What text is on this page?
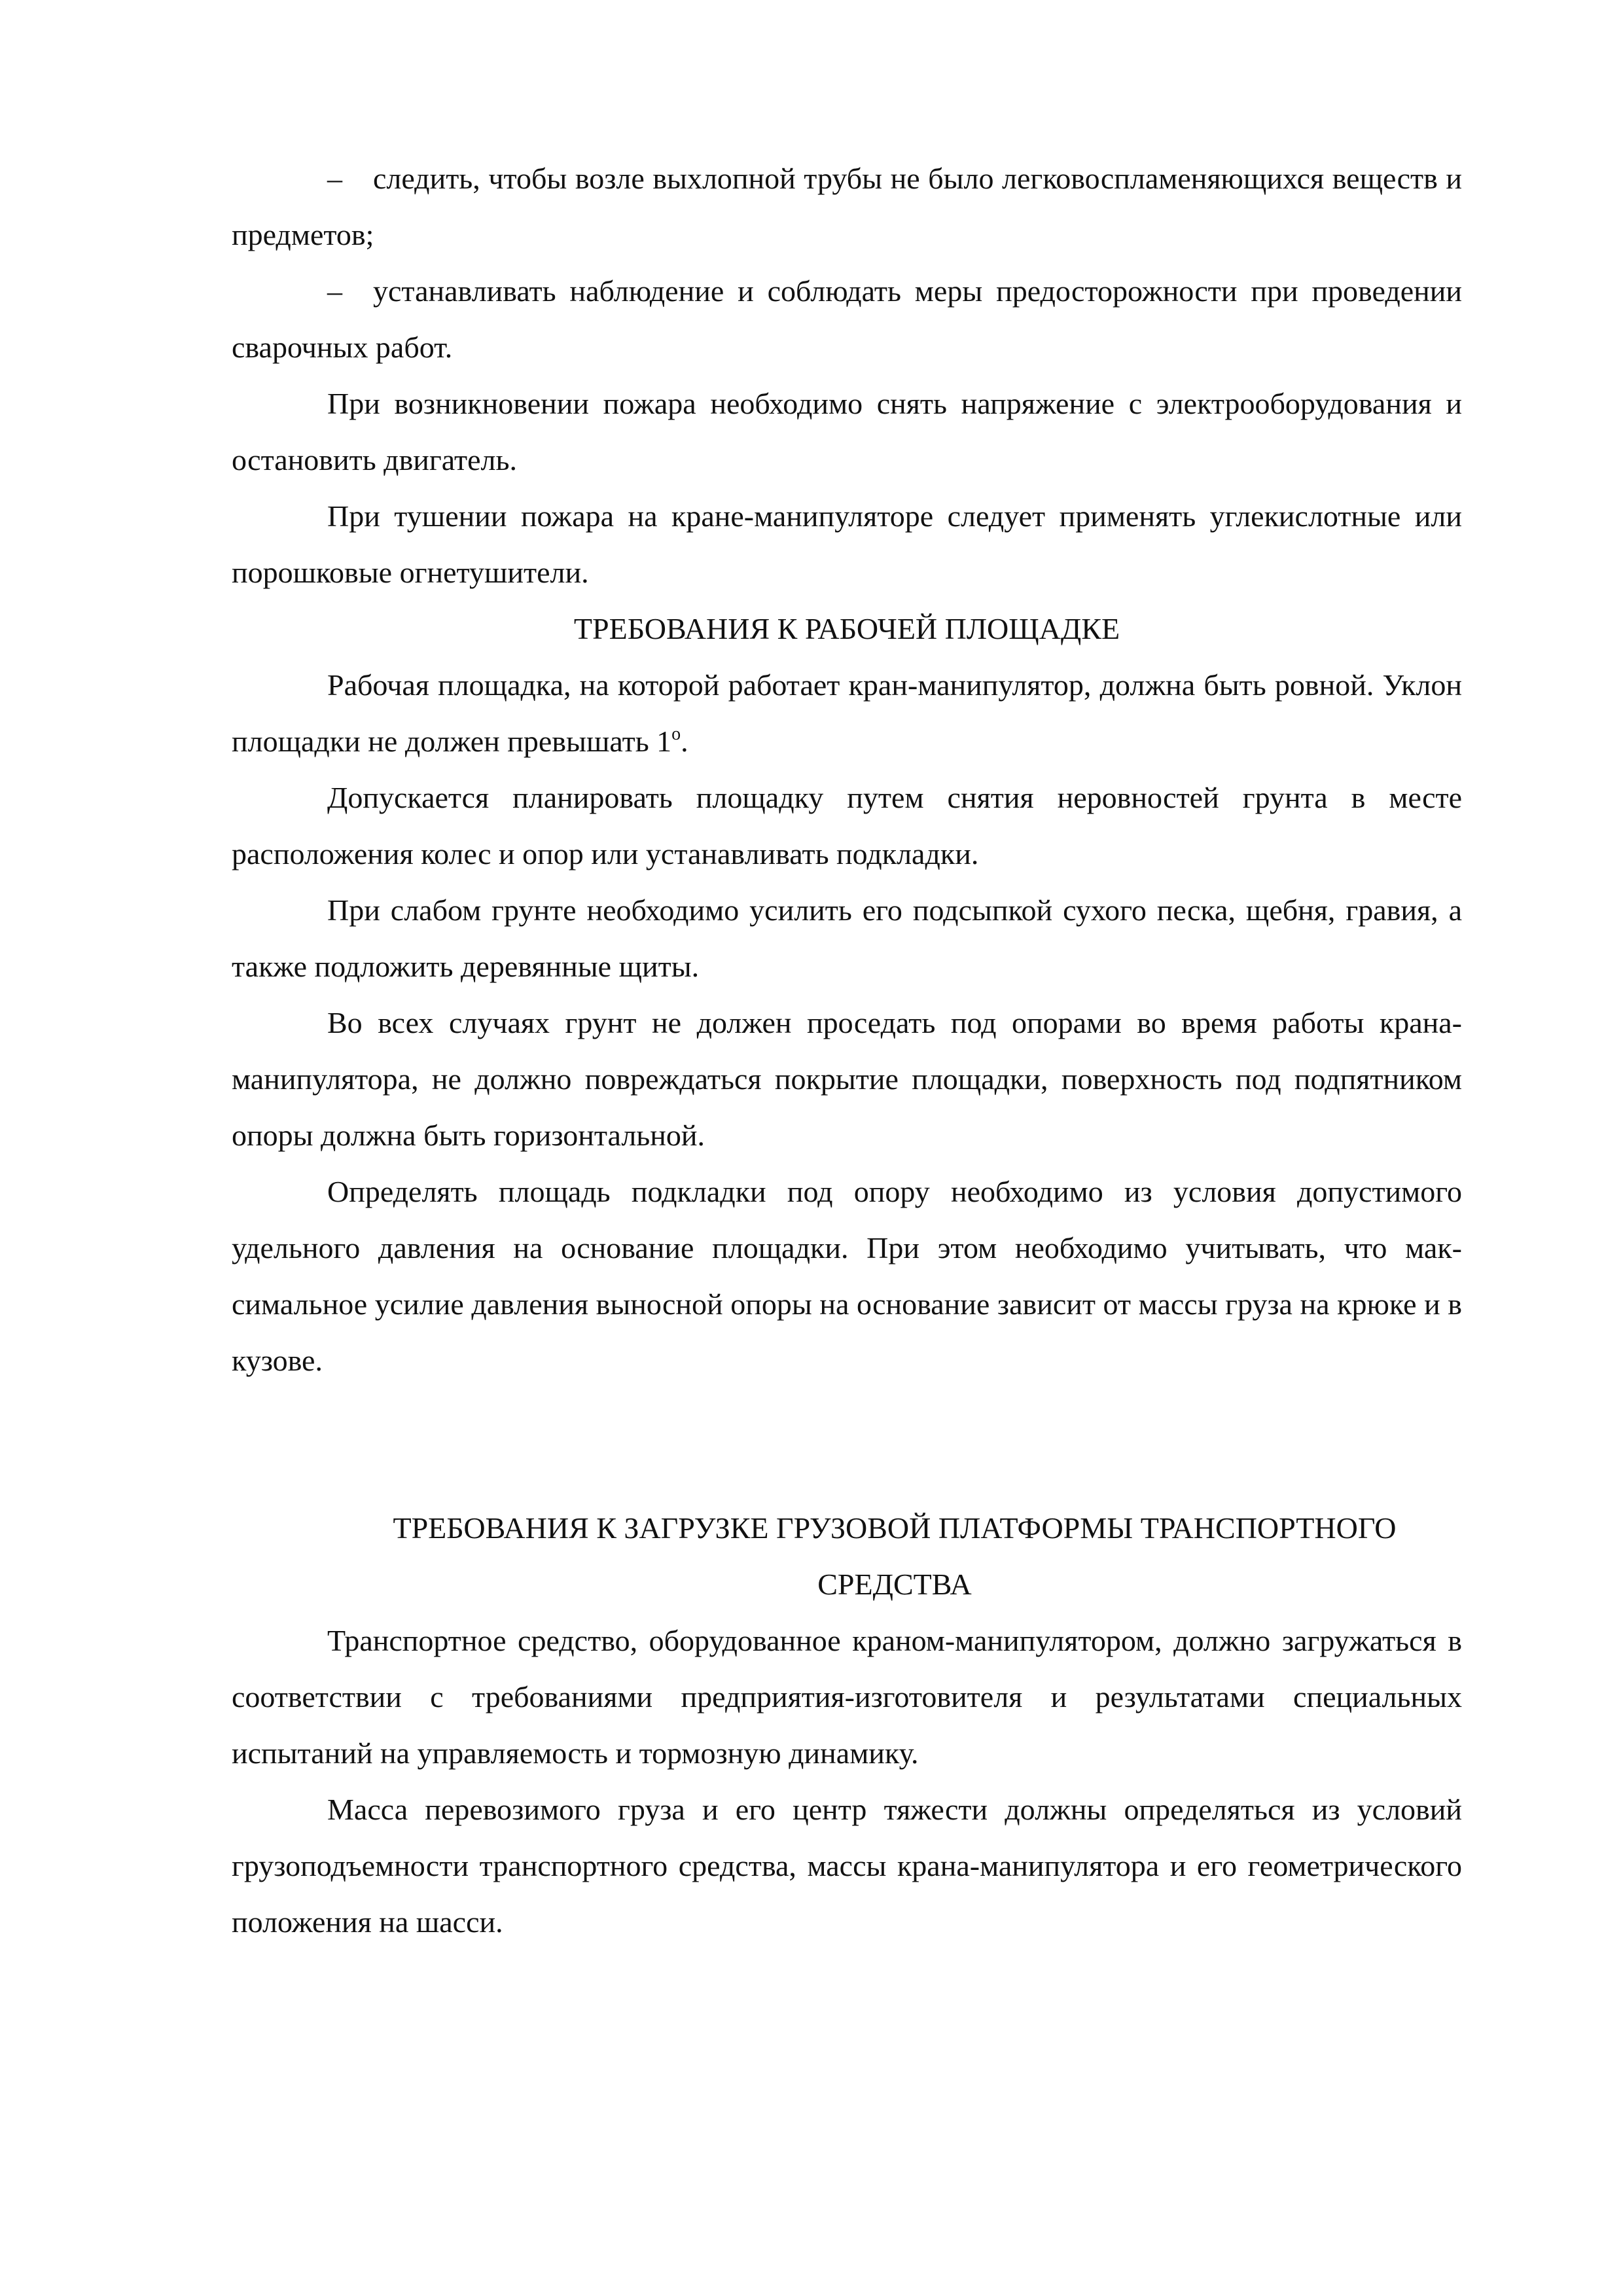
– следить, чтобы возле выхлопной трубы не было легковоспламеняющихся веществ и предметов;

– устанавливать наблюдение и соблюдать меры предосторожности при проведении сварочных работ.

При возникновении пожара необходимо снять напряжение с электрооборудования и остановить двигатель.

При тушении пожара на кране-манипуляторе следует применять углекислотные или порошковые огнетушители.

ТРЕБОВАНИЯ К РАБОЧЕЙ ПЛОЩАДКЕ

Рабочая площадка, на которой работает кран-манипулятор, должна быть ровной. Уклон площадки не должен превышать $1^о$.

Допускается планировать площадку путем снятия неровностей грунта в месте расположения колес и опор или устанавливать подкладки.

При слабом грунте необходимо усилить его подсыпкой сухого песка, щебня, гравия, а также подложить деревянные щиты.

Во всех случаях грунт не должен проседать под опорами во время работы крана-манипулятора, не должно повреждаться покрытие площадки, поверхность под подпятником опоры должна быть горизонтальной.

Определять площадь подкладки под опору необходимо из условия допустимого удельного давления на основание площадки. При этом необходимо учитывать, что максимальное усилие давления выносной опоры на основание зависит от массы груза на крюке и в кузове.

ТРЕБОВАНИЯ К ЗАГРУЗКЕ ГРУЗОВОЙ ПЛАТФОРМЫ ТРАНСПОРТНОГО
СРЕДСТВА

Транспортное средство, оборудованное краном-манипулятором, должно загружаться в соответствии с требованиями предприятия-изготовителя и результатами специальных испытаний на управляемость и тормозную динамику.

Масса перевозимого груза и его центр тяжести должны определяться из условий грузоподъемности транспортного средства, массы крана-манипулятора и его геометрического положения на шасси.
